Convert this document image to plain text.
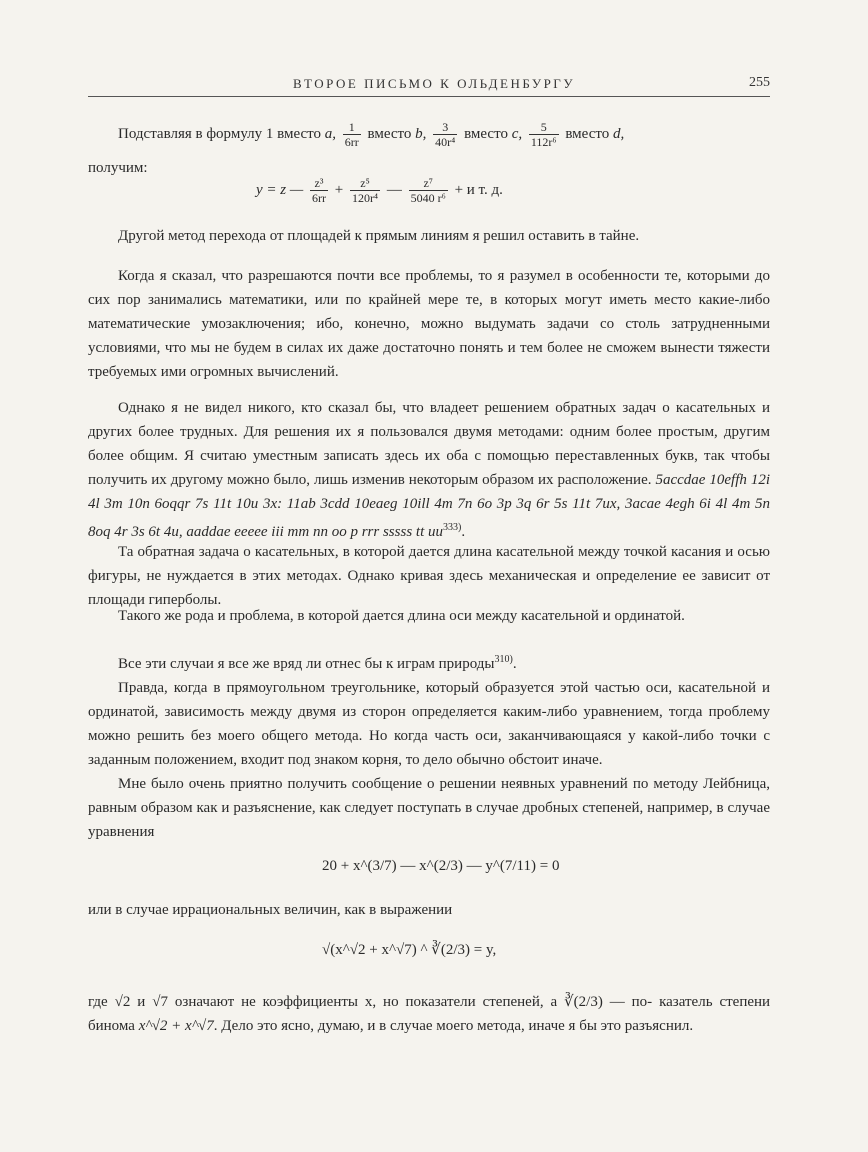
ВТОРОЕ ПИСЬМО К ОЛЬДЕНБУРГУ	255
Подставляя в формулу 1 вместо a, $\frac{1}{6rr}$ вместо b, $\frac{3}{\text{40r⁴}}$ вместо c, $\frac{5}{\text{112r⁶}}$ вместо d,
получим:
y = z — $\frac{\text{z³}}{6rr} + \frac{\text{z⁵}}{\text{120r⁴}}$ — $\frac{\text{z⁷}}{\text{5040 r⁶}} + и$ т. д.
Другой метод перехода от площадей к прямым линиям я решил оставить в тайне.
Когда я сказал, что разрешаются почти все проблемы, то я разумел в особенности те, которыми до сих пор занимались математики, или по крайней мере те, в которых могут иметь место какие-либо математические умозаключения; ибо, конечно, можно выдумать задачи со столь затрудненными условиями, что мы не будем в силах их даже достаточно понять и тем более не сможем вынести тяжести требуемых ими огромных вычислений.
Однако я не видел никого, кто сказал бы, что владеет решением обратных задач о касательных и других более трудных. Для решения их я пользовался двумя методами: одним более простым, другим более общим. Я считаю уместным записать здесь их оба с помощью переставленных букв, так чтобы получить их другому можно было, лишь изменив некоторым образом их расположение. 5accdae 10effh 12i 4l 3m 10n 6oqqr 7s 11t 10u 3x: 11ab 3cdd 10eaeg 10ill 4m 7n 6o 3p 3q 6r 5s 11t 7ux, 3acae 4egh 6i 4l 4m 5n 8oq 4r 3s 6t 4u, aaddae eeeee iii mm nn oo p rrr sssss tt $uu^{333)}$.
Та обратная задача о касательных, в которой дается длина касательной между точкой касания и осью фигуры, не нуждается в этих методах. Однако кривая здесь механическая и определение ее зависит от площади гиперболы.
Такого же рода и проблема, в которой дается длина оси между касательной и ординатой.
Все эти случаи я все же вряд ли отнес бы к играм природы$^{310)}$.
Правда, когда в прямоугольном треугольнике, который образуется этой частью оси, касательной и ординатой, зависимость между двумя из сторон определяется каким-либо уравнением, тогда проблему можно решить без моего общего метода. Но когда часть оси, заканчивающаяся у какой-либо точки с заданным положением, входит под знаком корня, то дело обычно обстоит иначе.
Мне было очень приятно получить сообщение о решении неявных уравнений по методу Лейбница, равным образом как и разъяснение, как следует поступать в случае дробных степеней, например, в случае уравнения
20 + x^(3/7) — x^(2/3) — y^(7/11) = 0
или в случае иррациональных величин, как в выражении
√(x^√2 + x^√7) ^ ∛(2/3) = y,
где √2 и √7 означают не коэффициенты x, но показатели степеней, а ∛(2/3) — по- казатель степени бинома x^√2 + x^√7. Дело это ясно, думаю, и в случае моего метода, иначе я бы это разъяснил.
